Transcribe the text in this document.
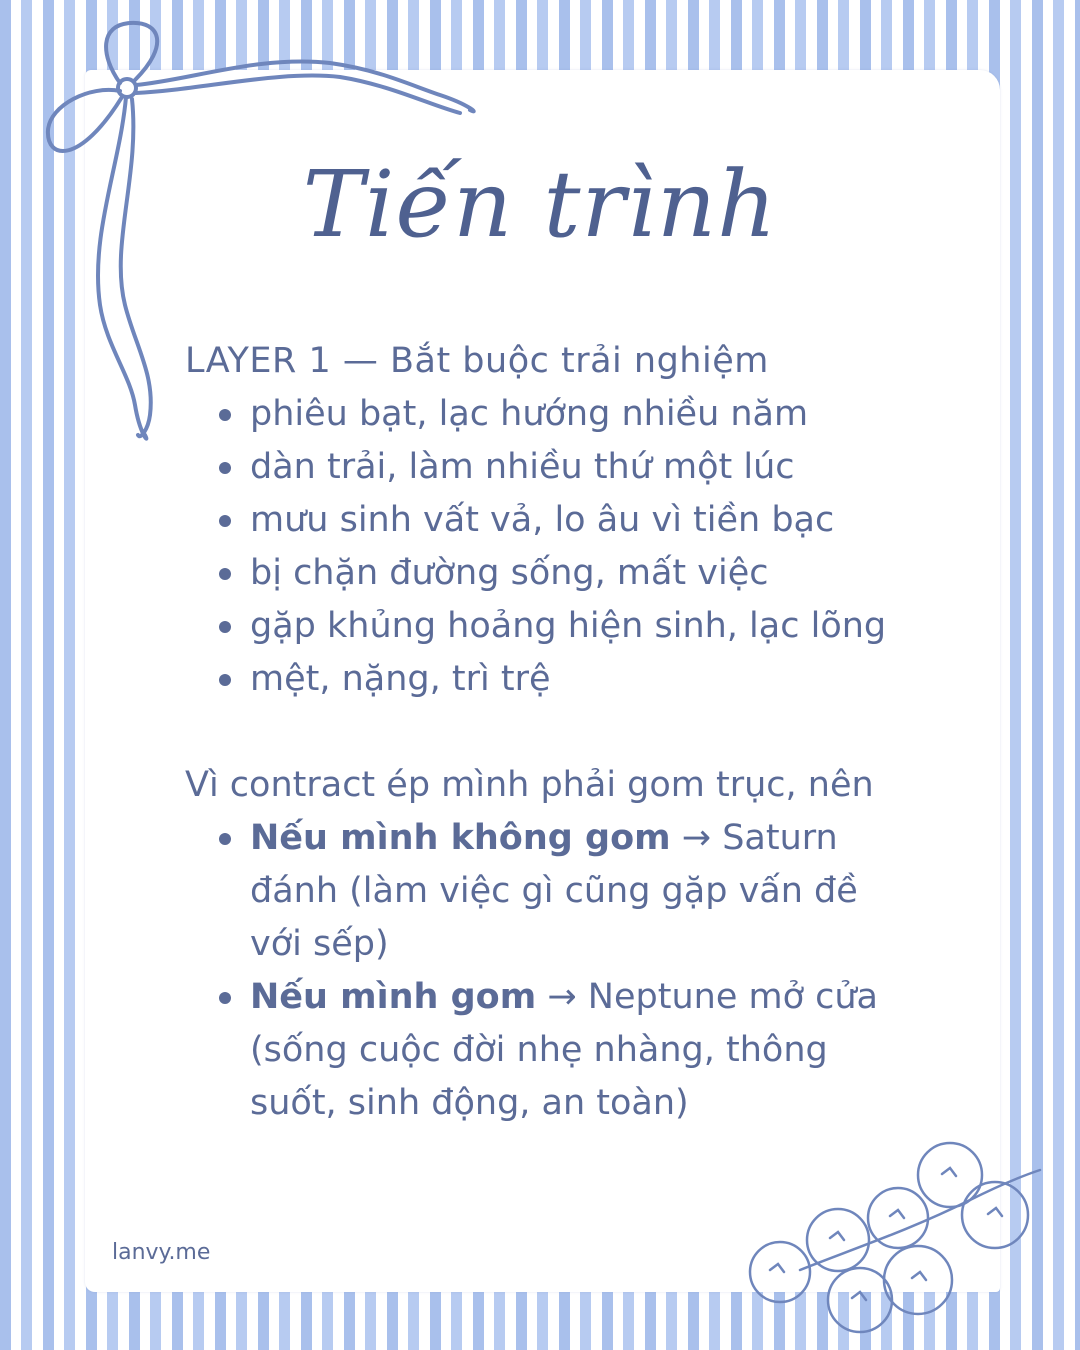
Tiến trình

LAYER 1 — Bắt buộc trải nghiệm

phiêu bạt, lạc hướng nhiều năm
dàn trải, làm nhiều thứ một lúc
mưu sinh vất vả, lo âu vì tiền bạc
bị chặn đường sống, mất việc
gặp khủng hoảng hiện sinh, lạc lõng
mệt, nặng, trì trệ

Vì contract ép mình phải gom trục, nên

Nếu mình không gom → Saturn đánh (làm việc gì cũng gặp vấn đề với sếp)
Nếu mình gom → Neptune mở cửa (sống cuộc đời nhẹ nhàng, thông suốt, sinh động, an toàn)
lanvy.me
